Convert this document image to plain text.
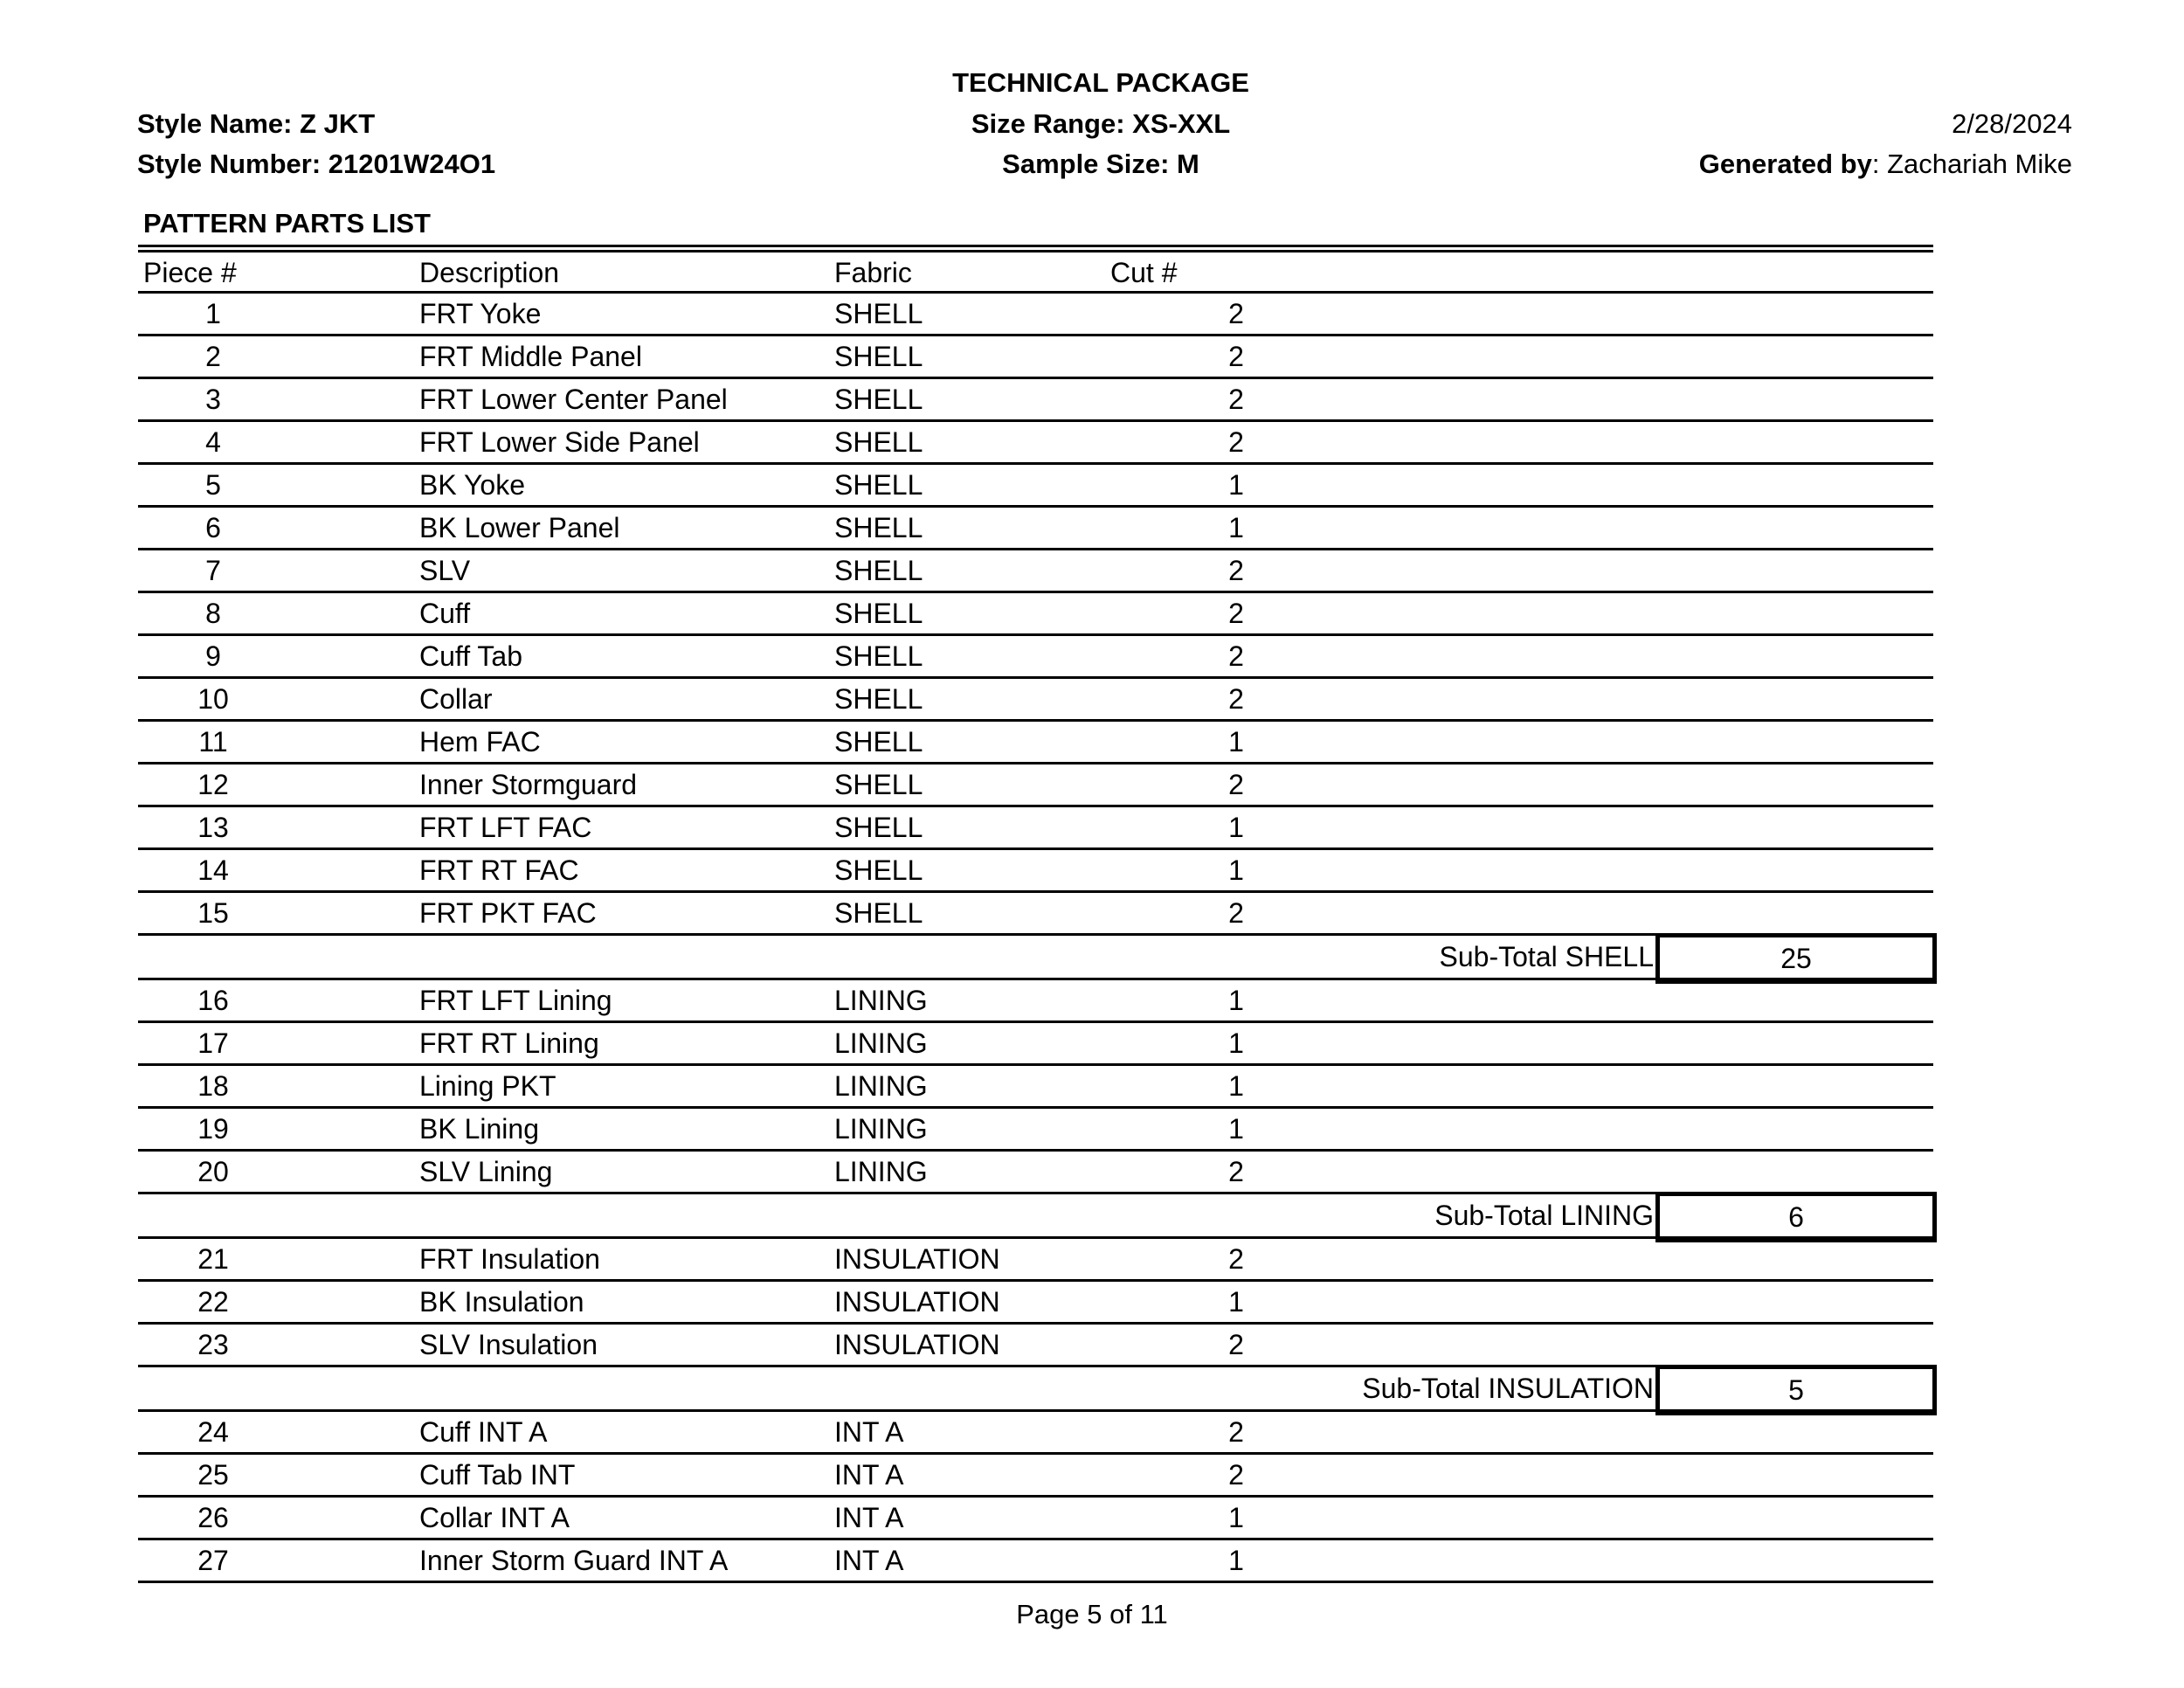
TECHNICAL PACKAGE
Style Name: Z JKT
Style Number: 21201W24O1
Size Range: XS-XXL
Sample Size: M
2/28/2024
Generated by: Zachariah Mike
PATTERN PARTS LIST
Piece #	Description	Fabric	Cut #
1	FRT Yoke	SHELL	2
2	FRT Middle Panel	SHELL	2
3	FRT Lower Center Panel	SHELL	2
4	FRT Lower Side Panel	SHELL	2
5	BK Yoke	SHELL	1
6	BK Lower Panel	SHELL	1
7	SLV	SHELL	2
8	Cuff	SHELL	2
9	Cuff Tab	SHELL	2
10	Collar	SHELL	2
11	Hem FAC	SHELL	1
12	Inner Stormguard	SHELL	2
13	FRT LFT FAC	SHELL	1
14	FRT RT FAC	SHELL	1
15	FRT PKT FAC	SHELL	2
Sub-Total SHELL	25
16	FRT LFT Lining	LINING	1
17	FRT RT Lining	LINING	1
18	Lining PKT	LINING	1
19	BK Lining	LINING	1
20	SLV Lining	LINING	2
Sub-Total LINING	6
21	FRT Insulation	INSULATION	2
22	BK Insulation	INSULATION	1
23	SLV Insulation	INSULATION	2
Sub-Total INSULATION	5
24	Cuff INT A	INT A	2
25	Cuff Tab INT	INT A	2
26	Collar INT A	INT A	1
27	Inner Storm Guard INT A	INT A	1
Page 5 of 11
